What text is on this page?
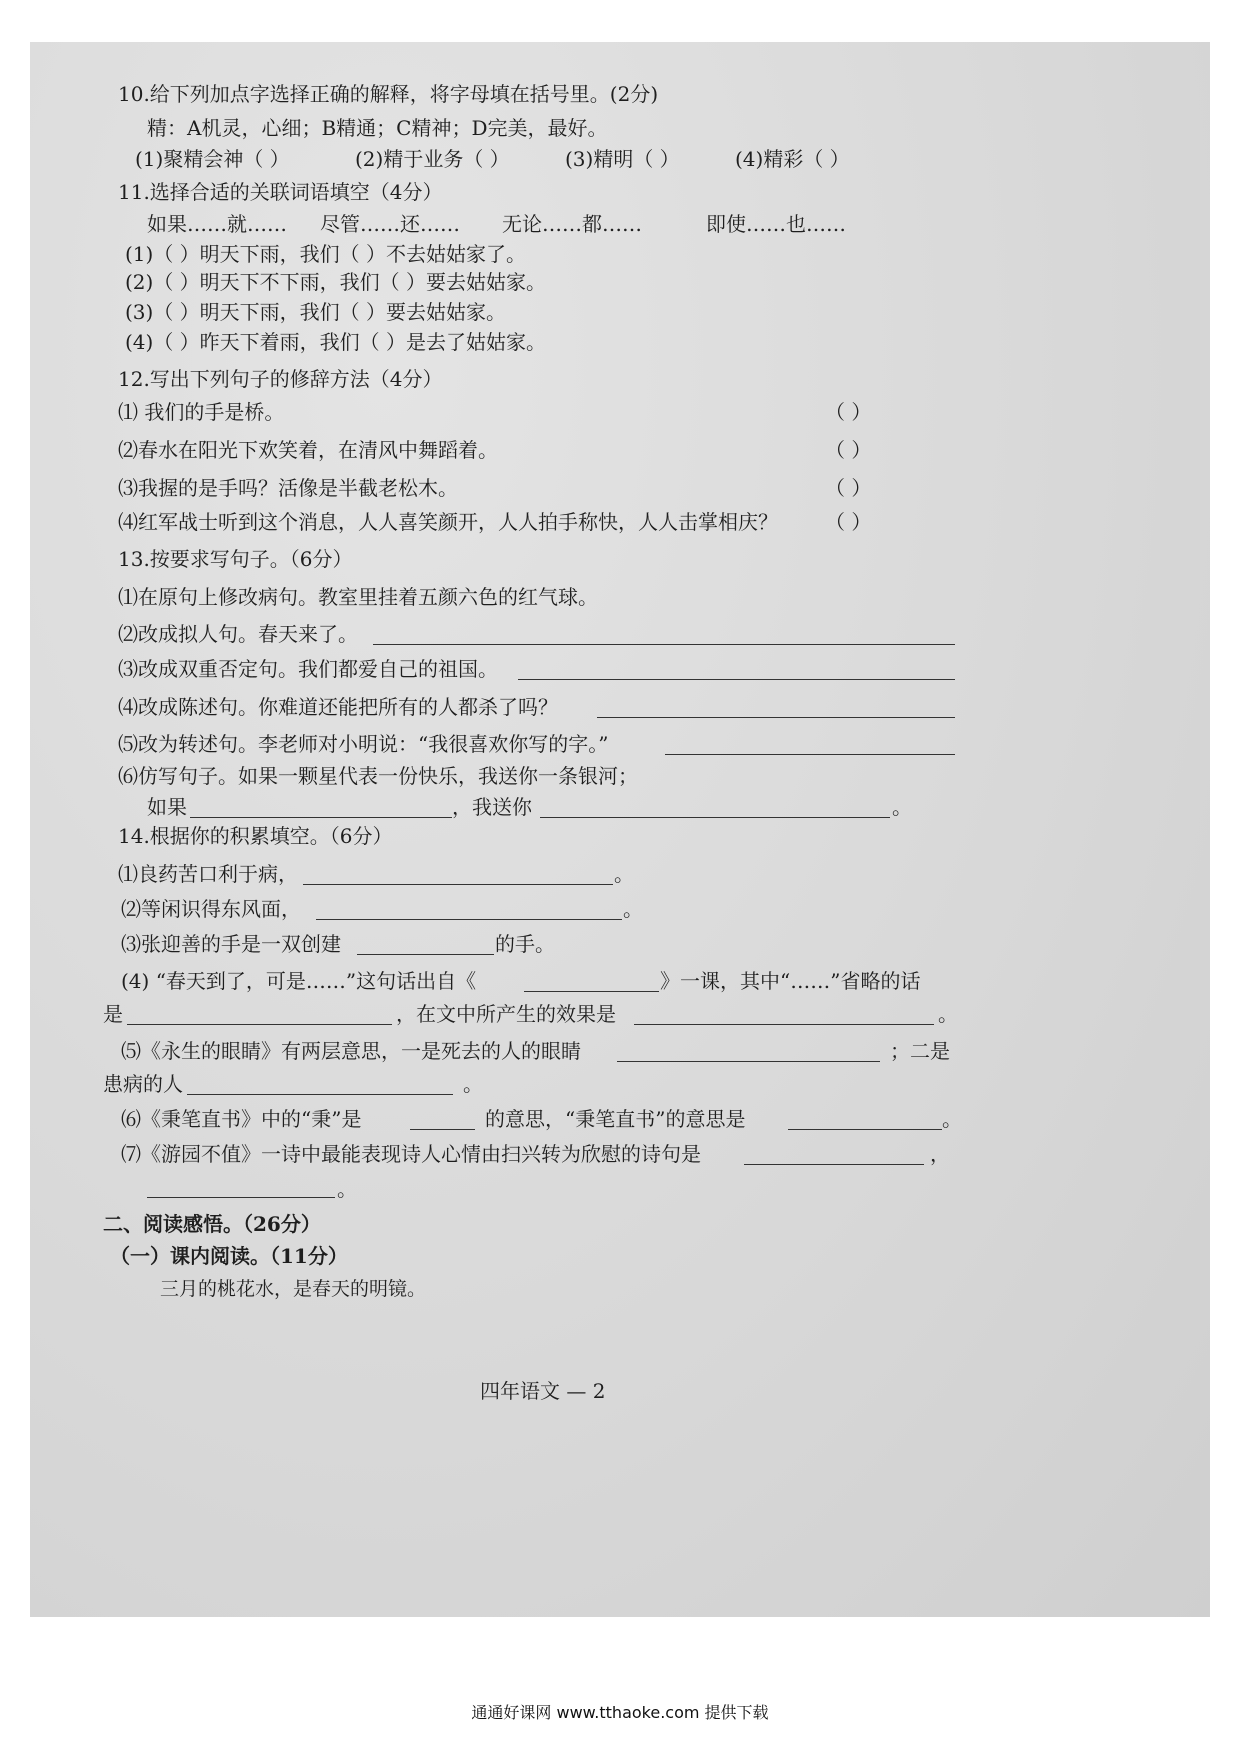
10.给下列加点字选择正确的解释，将字母填在括号里。(2分)
精：A机灵，心细；B精通；C精神；D完美，最好。
(1)聚精会神（ ）	(2)精于业务（ ）	(3)精明（ ）	(4)精彩（ ）
11.选择合适的关联词语填空（4分）
如果……就…… 尽管……还…… 无论……都……	即使……也……
(1)（ ）明天下雨，我们（ ）不去姑姑家了。
(2)（ ）明天下不下雨，我们（ ）要去姑姑家。
(3)（ ）明天下雨，我们（ ）要去姑姑家。
(4)（ ）昨天下着雨，我们（ ）是去了姑姑家。
12.写出下列句子的修辞方法（4分）
⑴ 我们的手是桥。	（ ）
⑵春水在阳光下欢笑着，在清风中舞蹈着。	（ ）
⑶我握的是手吗？活像是半截老松木。	（ ）
⑷红军战士听到这个消息，人人喜笑颜开，人人拍手称快，人人击掌相庆？ （ ）
13.按要求写句子。（6分）
⑴在原句上修改病句。教室里挂着五颜六色的红气球。
⑵改成拟人句。春天来了。
⑶改成双重否定句。我们都爱自己的祖国。
⑷改成陈述句。你难道还能把所有的人都杀了吗？
⑸改为转述句。李老师对小明说：“我很喜欢你写的字。”
⑹仿写句子。如果一颗星代表一份快乐，我送你一条银河；
如果	，我送你	。
14.根据你的积累填空。（6分）
⑴良药苦口利于病，	。
⑵等闲识得东风面，	。
⑶张迎善的手是一双创建	的手。
(4) “春天到了，可是……”这句话出自《	》一课，其中“……”省略的话
是	，在文中所产生的效果是	。
⑸《永生的眼睛》有两层意思，一是死去的人的眼睛	；二是
患病的人	。
⑹《秉笔直书》中的“秉”是	的意思，“秉笔直书”的意思是	。
⑺《游园不值》一诗中最能表现诗人心情由扫兴转为欣慰的诗句是	，
。
二、阅读感悟。（26分）
（一）课内阅读。（11分）
三月的桃花水，是春天的明镜。
四年语文 — 2
通通好课网 www.tthaoke.com 提供下载
